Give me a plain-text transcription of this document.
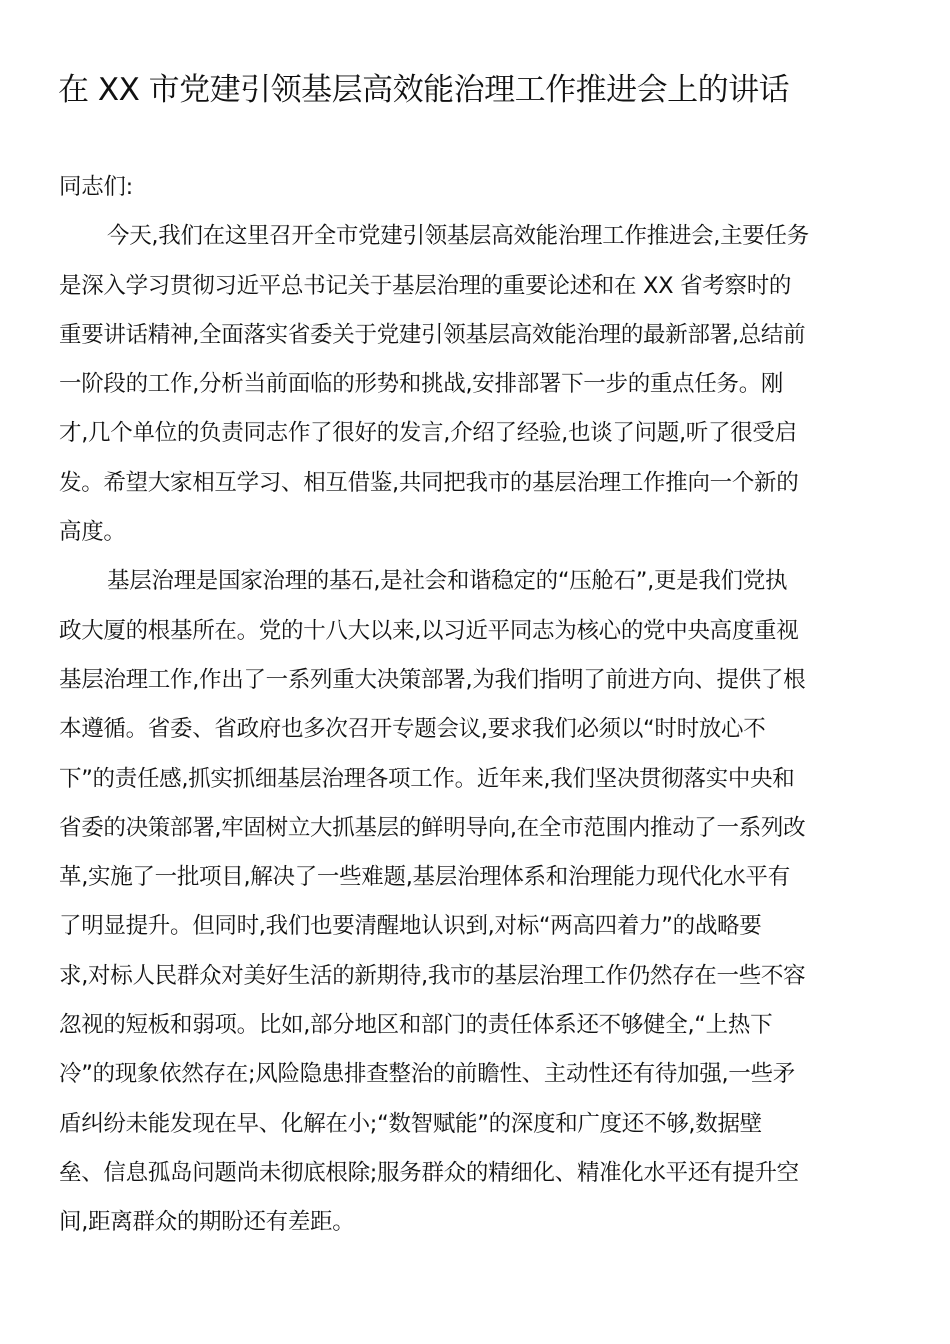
在 XX 市党建引领基层高效能治理工作推进会上的讲话
同志们:
今天,我们在这里召开全市党建引领基层高效能治理工作推进会,主要任务
是深入学习贯彻习近平总书记关于基层治理的重要论述和在 XX 省考察时的
重要讲话精神,全面落实省委关于党建引领基层高效能治理的最新部署,总结前
一阶段的工作,分析当前面临的形势和挑战,安排部署下一步的重点任务。刚
才,几个单位的负责同志作了很好的发言,介绍了经验,也谈了问题,听了很受启
发。希望大家相互学习、相互借鉴,共同把我市的基层治理工作推向一个新的
高度。
基层治理是国家治理的基石,是社会和谐稳定的“压舱石”,更是我们党执
政大厦的根基所在。党的十八大以来,以习近平同志为核心的党中央高度重视
基层治理工作,作出了一系列重大决策部署,为我们指明了前进方向、提供了根
本遵循。省委、省政府也多次召开专题会议,要求我们必须以“时时放心不
下”的责任感,抓实抓细基层治理各项工作。近年来,我们坚决贯彻落实中央和
省委的决策部署,牢固树立大抓基层的鲜明导向,在全市范围内推动了一系列改
革,实施了一批项目,解决了一些难题,基层治理体系和治理能力现代化水平有
了明显提升。但同时,我们也要清醒地认识到,对标“两高四着力”的战略要
求,对标人民群众对美好生活的新期待,我市的基层治理工作仍然存在一些不容
忽视的短板和弱项。比如,部分地区和部门的责任体系还不够健全,“上热下
冷”的现象依然存在;风险隐患排查整治的前瞻性、主动性还有待加强,一些矛
盾纠纷未能发现在早、化解在小;“数智赋能”的深度和广度还不够,数据壁
垒、信息孤岛问题尚未彻底根除;服务群众的精细化、精准化水平还有提升空
间,距离群众的期盼还有差距。
